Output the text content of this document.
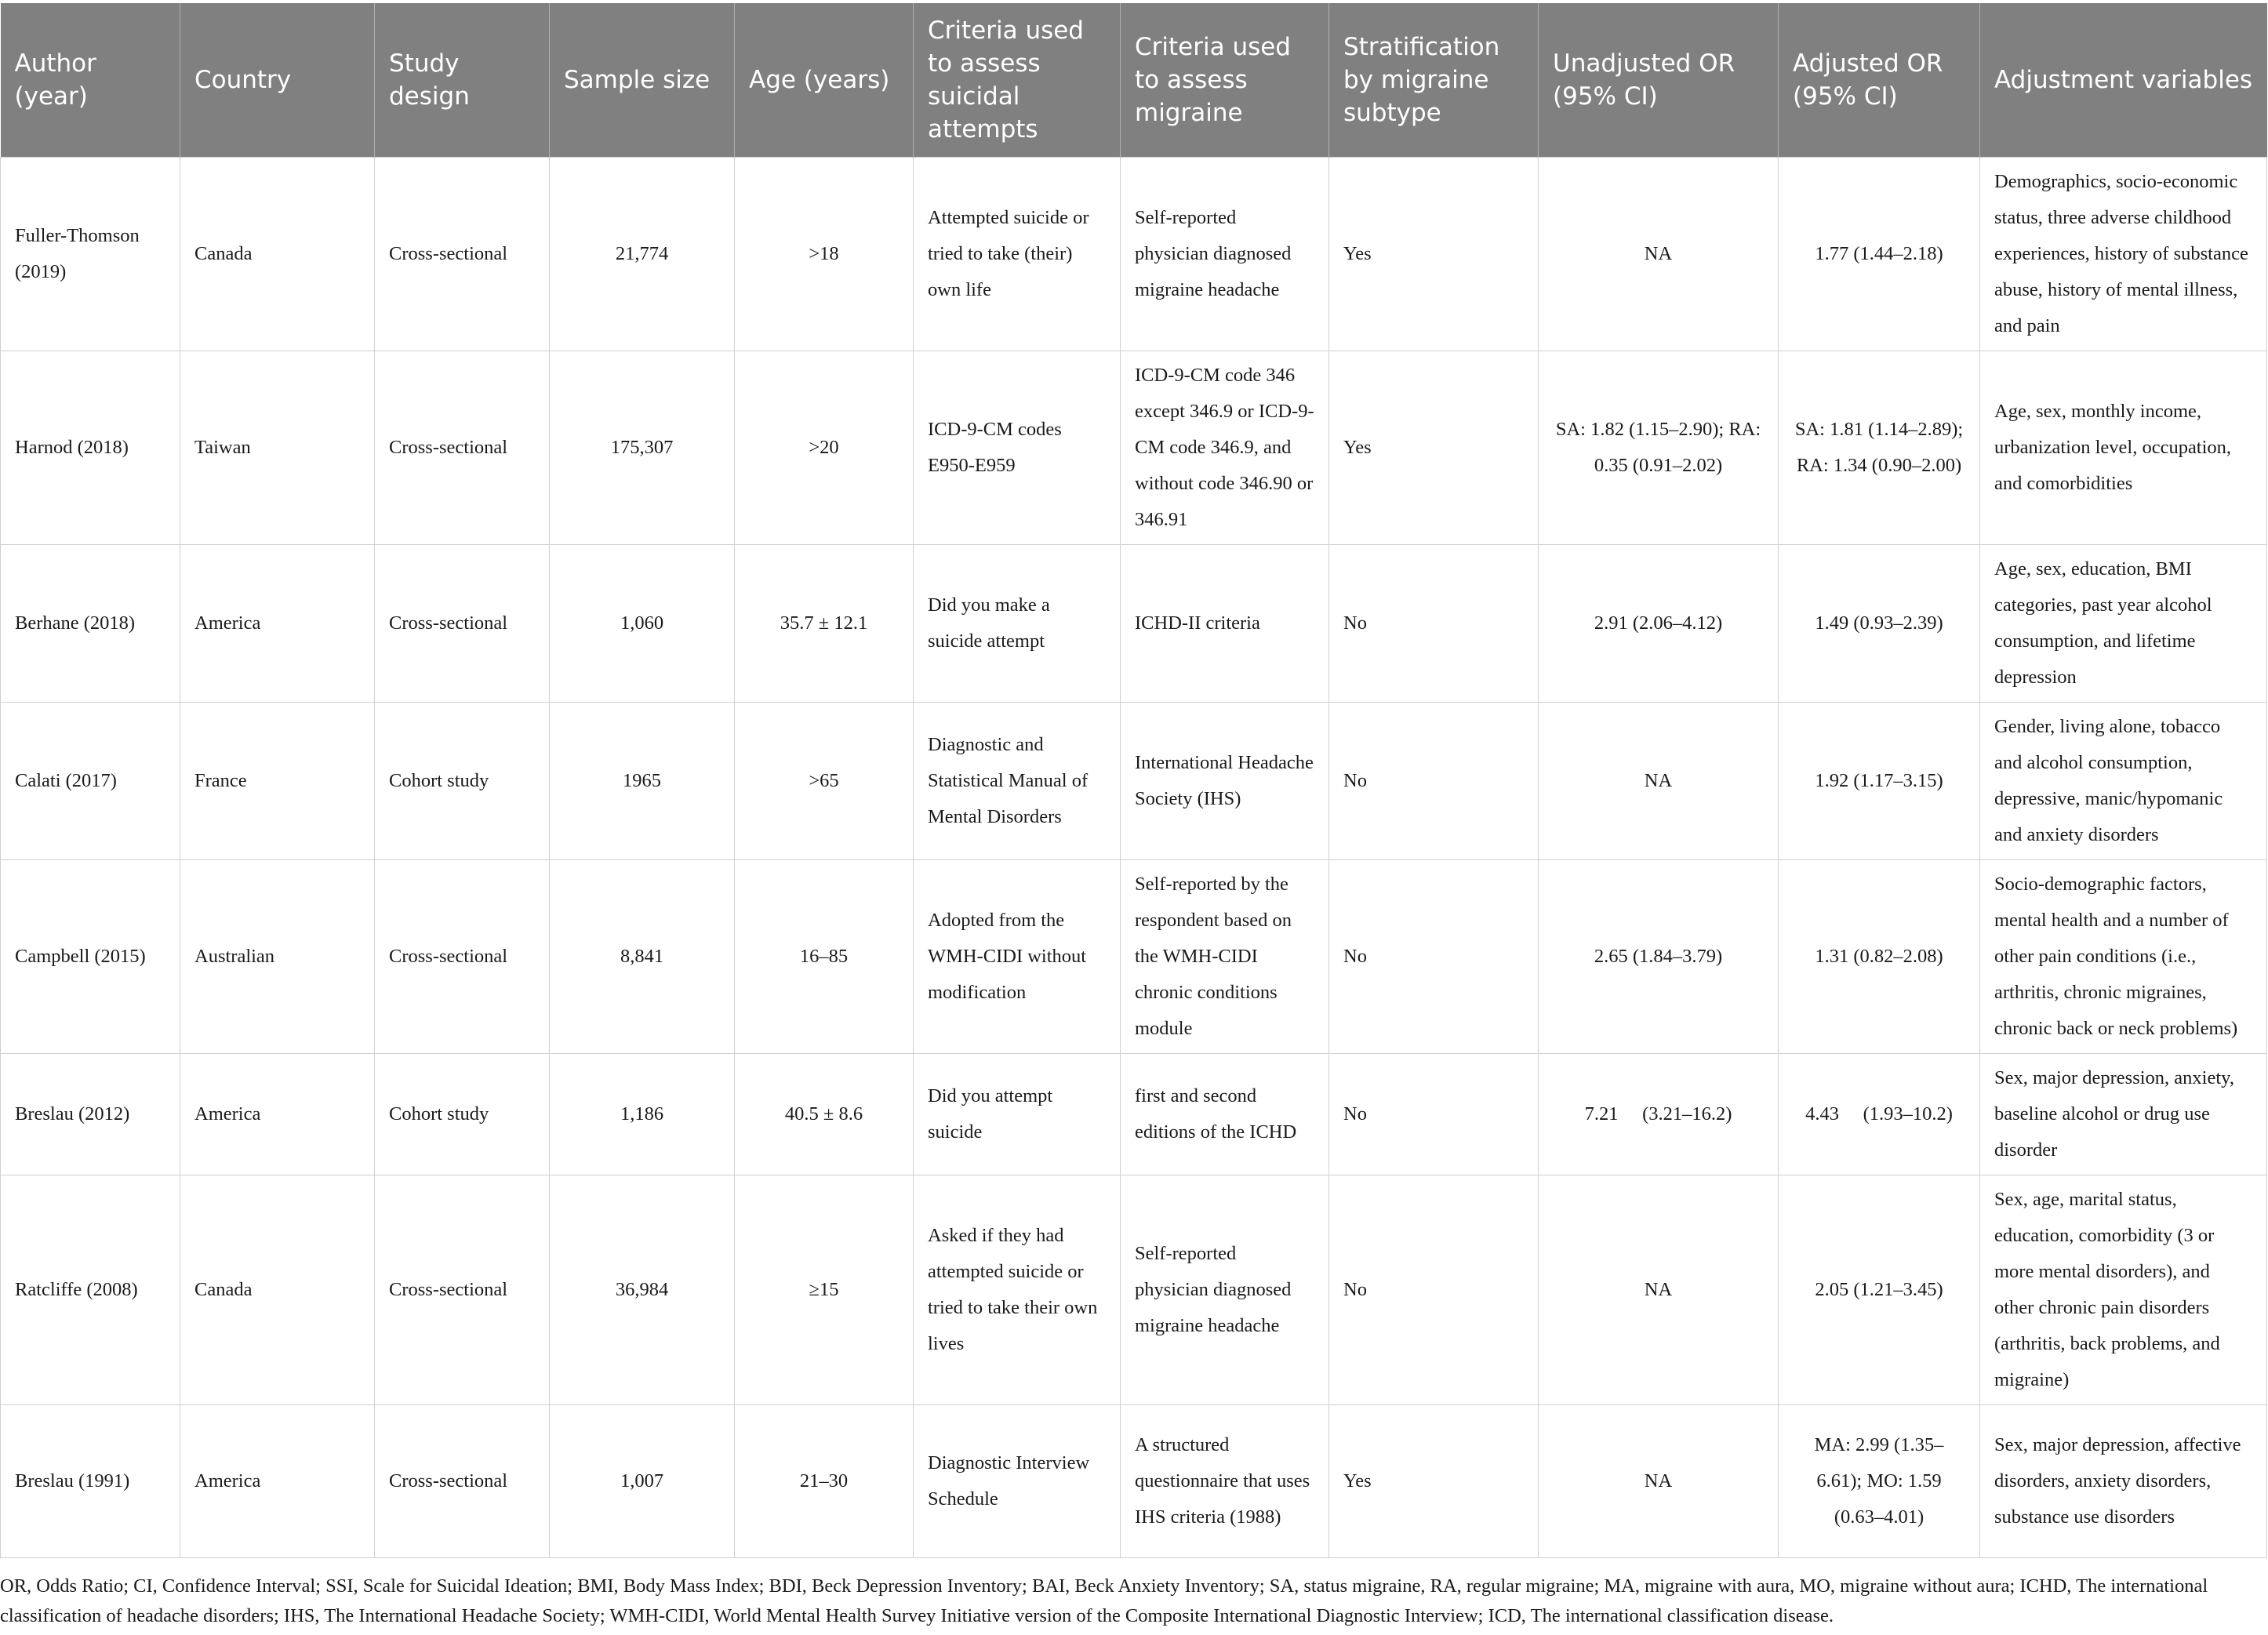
Author (year)	Country	Study design	Sample size	Age (years)	Criteria used to assess suicidal attempts	Criteria used to assess migraine	Stratification by migraine subtype	Unadjusted OR (95% CI)	Adjusted OR (95% CI)	Adjustment variables
Fuller-Thomson (2019)	Canada	Cross-sectional	21,774	>18	Attempted suicide or tried to take (their) own life	Self-reported physician diagnosed migraine headache	Yes	NA	1.77 (1.44–2.18)	Demographics, socio-economic status, three adverse childhood experiences, history of substance abuse, history of mental illness, and pain
Harnod (2018)	Taiwan	Cross-sectional	175,307	>20	ICD-9-CM codes E950-E959	ICD-9-CM code 346 except 346.9 or ICD-9-CM code 346.9, and without code 346.90 or 346.91	Yes	SA: 1.82 (1.15–2.90); RA: 0.35 (0.91–2.02)	SA: 1.81 (1.14–2.89); RA: 1.34 (0.90–2.00)	Age, sex, monthly income, urbanization level, occupation, and comorbidities
Berhane (2018)	America	Cross-sectional	1,060	35.7 ± 12.1	Did you make a suicide attempt	ICHD-II criteria	No	2.91 (2.06–4.12)	1.49 (0.93–2.39)	Age, sex, education, BMI categories, past year alcohol consumption, and lifetime depression
Calati (2017)	France	Cohort study	1965	>65	Diagnostic and Statistical Manual of Mental Disorders	International Headache Society (IHS)	No	NA	1.92 (1.17–3.15)	Gender, living alone, tobacco and alcohol consumption, depressive, manic/hypomanic and anxiety disorders
Campbell (2015)	Australian	Cross-sectional	8,841	16–85	Adopted from the WMH-CIDI without modification	Self-reported by the respondent based on the WMH-CIDI chronic conditions module	No	2.65 (1.84–3.79)	1.31 (0.82–2.08)	Socio-demographic factors, mental health and a number of other pain conditions (i.e., arthritis, chronic migraines, chronic back or neck problems)
Breslau (2012)	America	Cohort study	1,186	40.5 ± 8.6	Did you attempt suicide	first and second editions of the ICHD	No	7.21     (3.21–16.2)	4.43     (1.93–10.2)	Sex, major depression, anxiety, baseline alcohol or drug use disorder
Ratcliffe (2008)	Canada	Cross-sectional	36,984	≥15	Asked if they had attempted suicide or tried to take their own lives	Self-reported physician diagnosed migraine headache	No	NA	2.05 (1.21–3.45)	Sex, age, marital status, education, comorbidity (3 or more mental disorders), and other chronic pain disorders (arthritis, back problems, and migraine)
Breslau (1991)	America	Cross-sectional	1,007	21–30	Diagnostic Interview Schedule	A structured questionnaire that uses IHS criteria (1988)	Yes	NA	MA: 2.99 (1.35–6.61); MO: 1.59 (0.63–4.01)	Sex, major depression, affective disorders, anxiety disorders, substance use disorders
OR, Odds Ratio; CI, Confidence Interval; SSI, Scale for Suicidal Ideation; BMI, Body Mass Index; BDI, Beck Depression Inventory; BAI, Beck Anxiety Inventory; SA, status migraine, RA, regular migraine; MA, migraine with aura, MO, migraine without aura; ICHD, The international classification of headache disorders; IHS, The International Headache Society; WMH-CIDI, World Mental Health Survey Initiative version of the Composite International Diagnostic Interview; ICD, The international classification disease.
